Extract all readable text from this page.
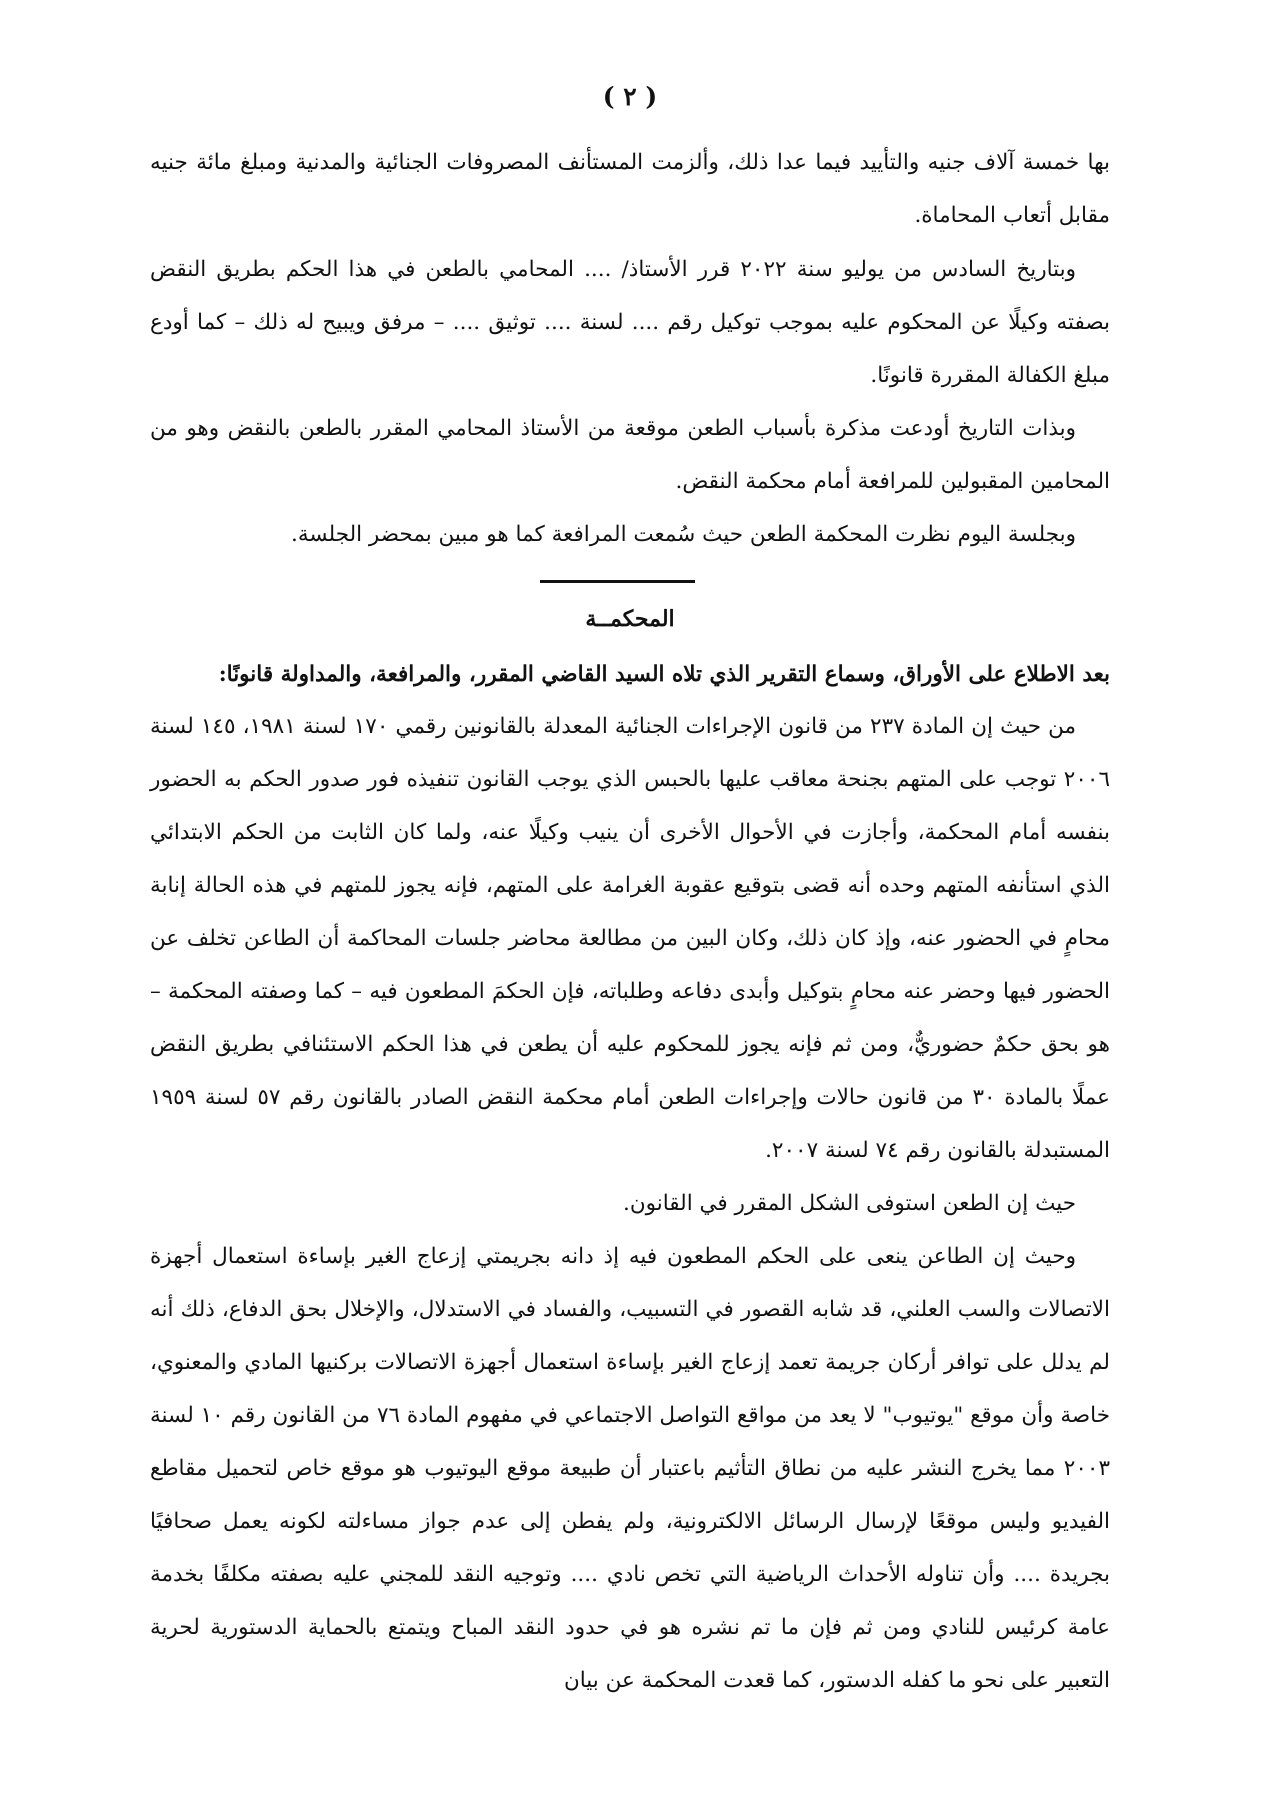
( ٢ )

بها خمسة آلاف جنيه والتأييد فيما عدا ذلك، وألزمت المستأنف المصروفات الجنائية والمدنية ومبلغ مائة جنيه مقابل أتعاب المحاماة.

وبتاريخ السادس من يوليو سنة ٢٠٢٢ قرر الأستاذ/ .... المحامي بالطعن في هذا الحكم بطريق النقض بصفته وكيلًا عن المحكوم عليه بموجب توكيل رقم .... لسنة .... توثيق .... – مرفق ويبيح له ذلك – كما أودع مبلغ الكفالة المقررة قانونًا.

وبذات التاريخ أودعت مذكرة بأسباب الطعن موقعة من الأستاذ المحامي المقرر بالطعن بالنقض وهو من المحامين المقبولين للمرافعة أمام محكمة النقض.

وبجلسة اليوم نظرت المحكمة الطعن حيث سُمعت المرافعة كما هو مبين بمحضر الجلسة.

المحكمــة

بعد الاطلاع على الأوراق، وسماع التقرير الذي تلاه السيد القاضي المقرر، والمرافعة، والمداولة قانونًا:

من حيث إن المادة ٢٣٧ من قانون الإجراءات الجنائية المعدلة بالقانونين رقمي ١٧٠ لسنة ١٩٨١، ١٤٥ لسنة ٢٠٠٦ توجب على المتهم بجنحة معاقب عليها بالحبس الذي يوجب القانون تنفيذه فور صدور الحكم به الحضور بنفسه أمام المحكمة، وأجازت في الأحوال الأخرى أن ينيب وكيلًا عنه، ولما كان الثابت من الحكم الابتدائي الذي استأنفه المتهم وحده أنه قضى بتوقيع عقوبة الغرامة على المتهم، فإنه يجوز للمتهم في هذه الحالة إنابة محامٍ في الحضور عنه، وإذ كان ذلك، وكان البين من مطالعة محاضر جلسات المحاكمة أن الطاعن تخلف عن الحضور فيها وحضر عنه محامٍ بتوكيل وأبدى دفاعه وطلباته، فإن الحكمَ المطعون فيه – كما وصفته المحكمة – هو بحق حكمٌ حضوريٌّ، ومن ثم فإنه يجوز للمحكوم عليه أن يطعن في هذا الحكم الاستئنافي بطريق النقض عملًا بالمادة ٣٠ من قانون حالات وإجراءات الطعن أمام محكمة النقض الصادر بالقانون رقم ٥٧ لسنة ١٩٥٩ المستبدلة بالقانون رقم ٧٤ لسنة ٢٠٠٧.

حيث إن الطعن استوفى الشكل المقرر في القانون.

وحيث إن الطاعن ينعى على الحكم المطعون فيه إذ دانه بجريمتي إزعاج الغير بإساءة استعمال أجهزة الاتصالات والسب العلني، قد شابه القصور في التسبيب، والفساد في الاستدلال، والإخلال بحق الدفاع، ذلك أنه لم يدلل على توافر أركان جريمة تعمد إزعاج الغير بإساءة استعمال أجهزة الاتصالات بركنيها المادي والمعنوي، خاصة وأن موقع "يوتيوب" لا يعد من مواقع التواصل الاجتماعي في مفهوم المادة ٧٦ من القانون رقم ١٠ لسنة ٢٠٠٣ مما يخرج النشر عليه من نطاق التأثيم باعتبار أن طبيعة موقع اليوتيوب هو موقع خاص لتحميل مقاطع الفيديو وليس موقعًا لإرسال الرسائل الالكترونية، ولم يفطن إلى عدم جواز مساءلته لكونه يعمل صحافيًا بجريدة .... وأن تناوله الأحداث الرياضية التي تخص نادي .... وتوجيه النقد للمجني عليه بصفته مكلفًا بخدمة عامة كرئيس للنادي ومن ثم فإن ما تم نشره هو في حدود النقد المباح ويتمتع بالحماية الدستورية لحرية التعبير على نحو ما كفله الدستور، كما قعدت المحكمة عن بيان
